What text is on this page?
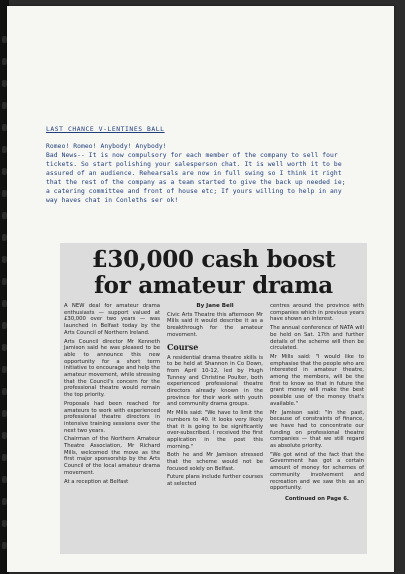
LAST CHANCE V-LENTINES BALL
Romeo! Romeo! Anybody! Anybody!
Bad News-- It is now compulsory for each member of the company to sell four
tickets. So start polishing your salesperson chat. It is well worth it to be
assured of an audience. Rehearsals are now in full swing so I think it right
that the rest of the company as a team started to give the back up needed ie;
a catering committee and front of house etc; If yours willing to help in any
way haves chat in Conleths ser ok!
£30,000 cash boost
for amateur drama

A NEW deal for amateur drama enthusiasts — support valued at £30,000 over two years — was launched in Belfast today by the Arts Council of Northern Ireland.

Arts Council director Mr Kenneth Jamison said he was pleased to be able to announce this new opportunity for a short term initiative to encourage and help the amateur movement, while stressing that the Council's concern for the professional theatre would remain the top priority.

Proposals had been reached for amateurs to work with experienced professional theatre directors in intensive training sessions over the next two years.

Chairman of the Northern Amateur Theatre Association, Mr Richard Mills, welcomed the move as the first major sponsorship by the Arts Council of the local amateur drama movement.

At a reception at Belfast

By Jane Bell

Civic Arts Theatre this afternoon Mr Mills said it would describe it as a breakthrough for the amateur movement.

Course

A residential drama theatre skills is to be held at Shannon in Co Down, from April 10-12, led by Hugh Tunney and Christine Poulter, both experienced professional theatre directors already known in the province for their work with youth and community drama groups.

Mr Mills said: "We have to limit the numbers to 40. It looks very likely that it is going to be significantly over-subscribed. I received the first application in the post this morning."

Both he and Mr Jamison stressed that the scheme would not be focused solely on Belfast.

Future plans include further courses at selected

centres around the province with companies which in previous years have shown an interest.

The annual conference of NATA will be held on Sat. 17th and further details of the scheme will then be circulated.

Mr Mills said: "I would like to emphasise that the people who are interested in amateur theatre, among the members, will be the first to know so that in future the grant money will make the best possible use of the money that's available."

Mr Jamison said: "In the past, because of constraints of finance, we have had to concentrate our funding on professional theatre companies — that we still regard as absolute priority.

"We got wind of the fact that the Government has got a certain amount of money for schemes of community involvement and recreation and we saw this as an opportunity.

Continued on Page 6.
